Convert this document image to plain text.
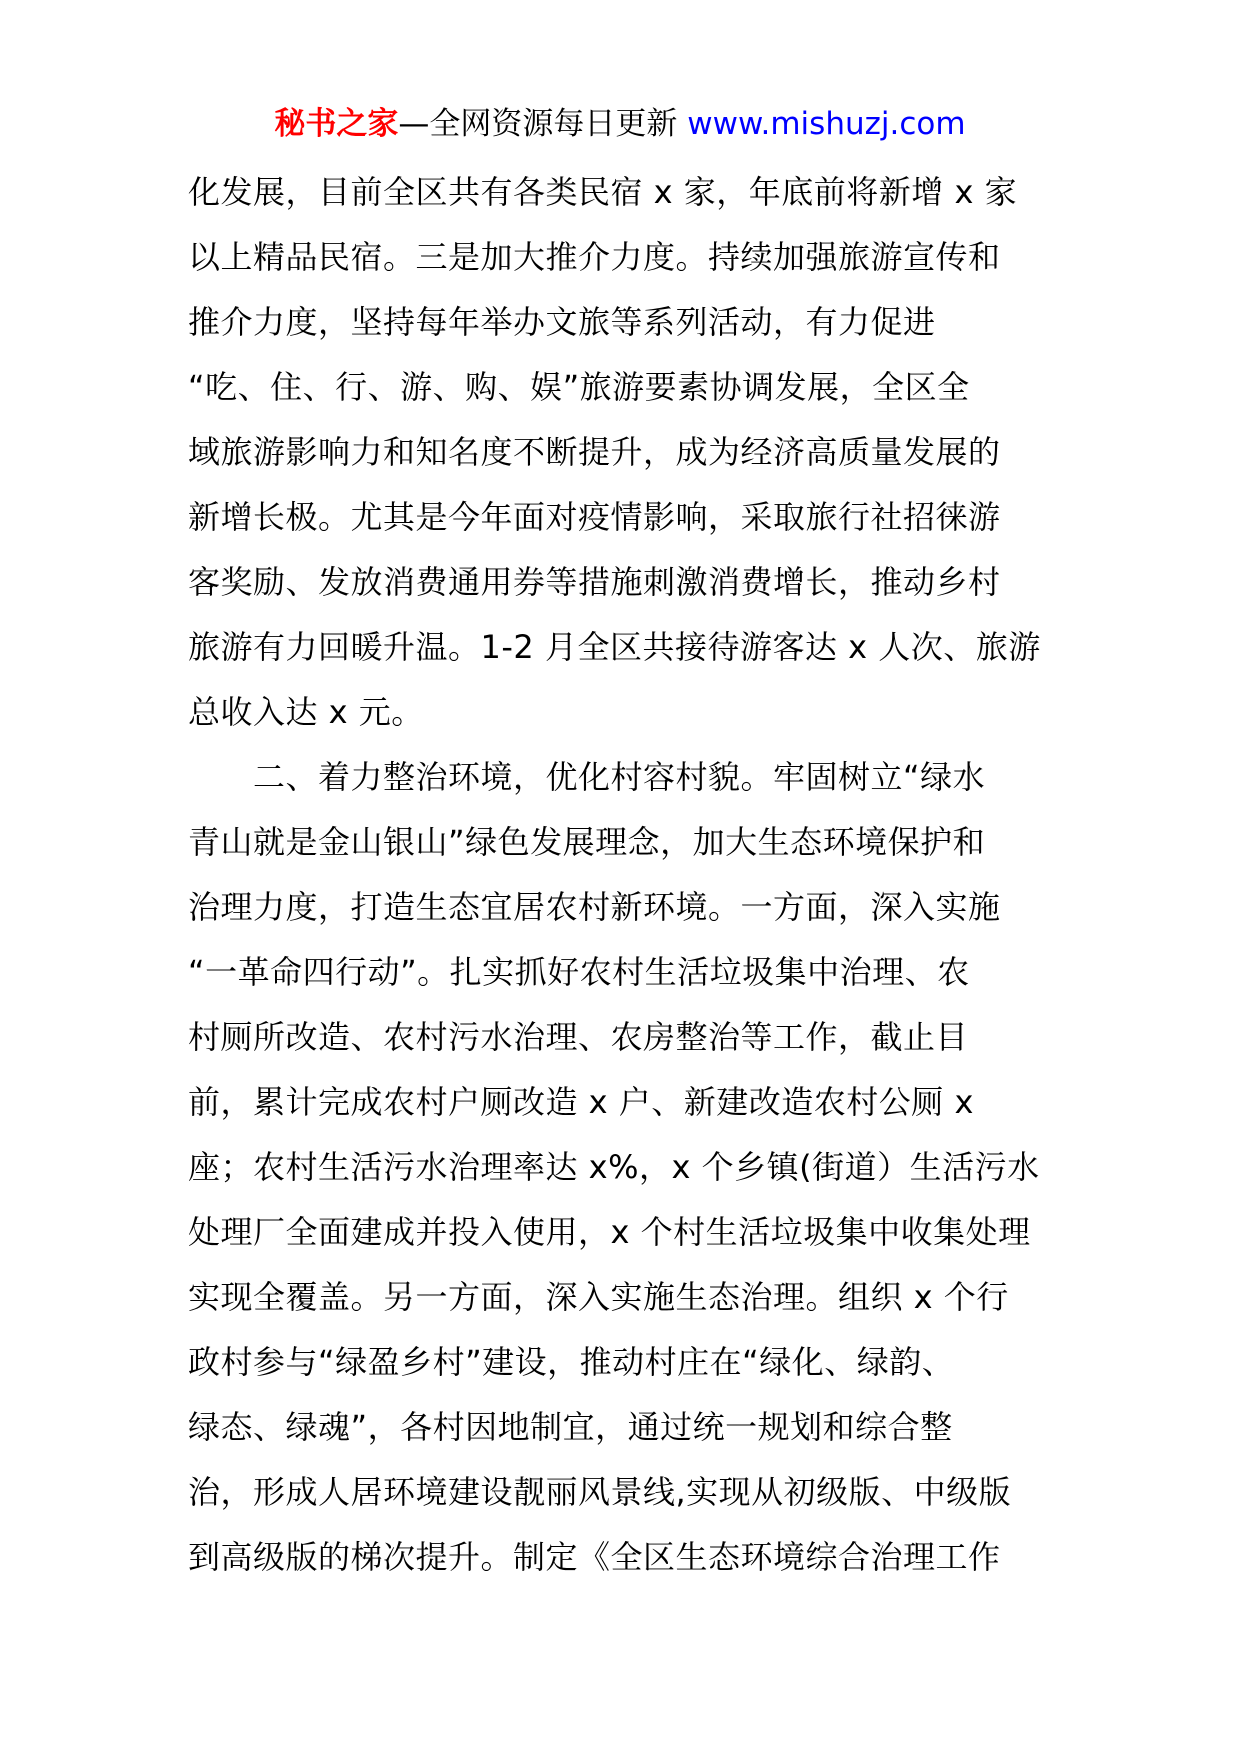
秘书之家—全网资源每日更新 www.mishuzj.com
化发展，目前全区共有各类民宿 x 家，年底前将新增 x 家
以上精品民宿。三是加大推介力度。持续加强旅游宣传和
推介力度，坚持每年举办文旅等系列活动，有力促进
“吃、住、行、游、购、娱”旅游要素协调发展，全区全
域旅游影响力和知名度不断提升，成为经济高质量发展的
新增长极。尤其是今年面对疫情影响，采取旅行社招徕游
客奖励、发放消费通用券等措施刺激消费增长，推动乡村
旅游有力回暖升温。1-2 月全区共接待游客达 x 人次、旅游
总收入达 x 元。
　　二、着力整治环境，优化村容村貌。牢固树立“绿水
青山就是金山银山”绿色发展理念，加大生态环境保护和
治理力度，打造生态宜居农村新环境。一方面，深入实施
“一革命四行动”。扎实抓好农村生活垃圾集中治理、农
村厕所改造、农村污水治理、农房整治等工作，截止目
前，累计完成农村户厕改造 x 户、新建改造农村公厕 x
座；农村生活污水治理率达 x%，x 个乡镇(街道）生活污水
处理厂全面建成并投入使用，x 个村生活垃圾集中收集处理
实现全覆盖。另一方面，深入实施生态治理。组织 x 个行
政村参与“绿盈乡村”建设，推动村庄在“绿化、绿韵、
绿态、绿魂”，各村因地制宜，通过统一规划和综合整
治，形成人居环境建设靓丽风景线,实现从初级版、中级版
到高级版的梯次提升。制定《全区生态环境综合治理工作
